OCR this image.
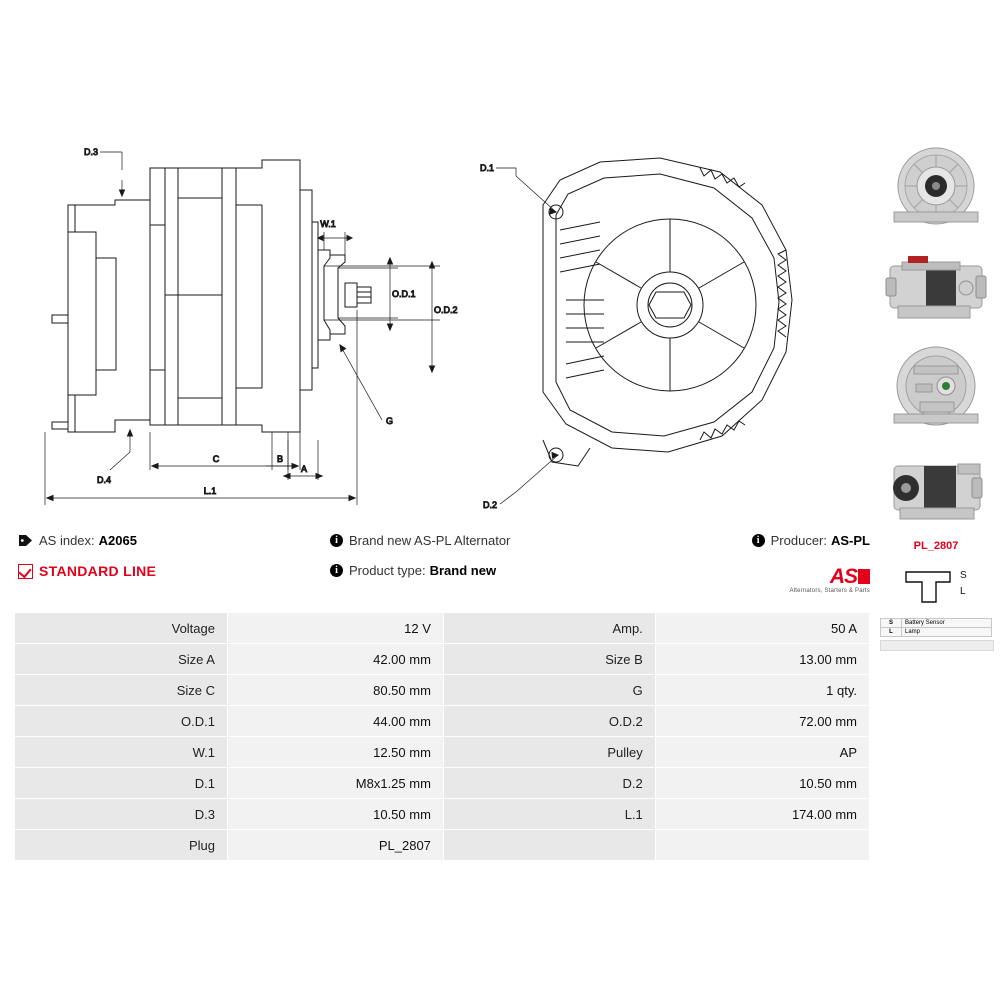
W.1
O.D.1
O.D.2
D.3
D.4
G
C	B
A
L.1
D.1
D.2
PL_2807
S
L
S	Battery Sensor
L	Lamp
AS index: A2065
STANDARD LINE
i Brand new AS-PL Alternator
i Product type: Brand new
i Producer: AS-PL
AS
Alternators, Starters & Parts
Voltage	12 V	Amp.	50 A
Size A	42.00 mm	Size B	13.00 mm
Size C	80.50 mm	G	1 qty.
O.D.1	44.00 mm	O.D.2	72.00 mm
W.1	12.50 mm	Pulley	AP
D.1	M8x1.25 mm	D.2	10.50 mm
D.3	10.50 mm	L.1	174.00 mm
Plug	PL_2807		
